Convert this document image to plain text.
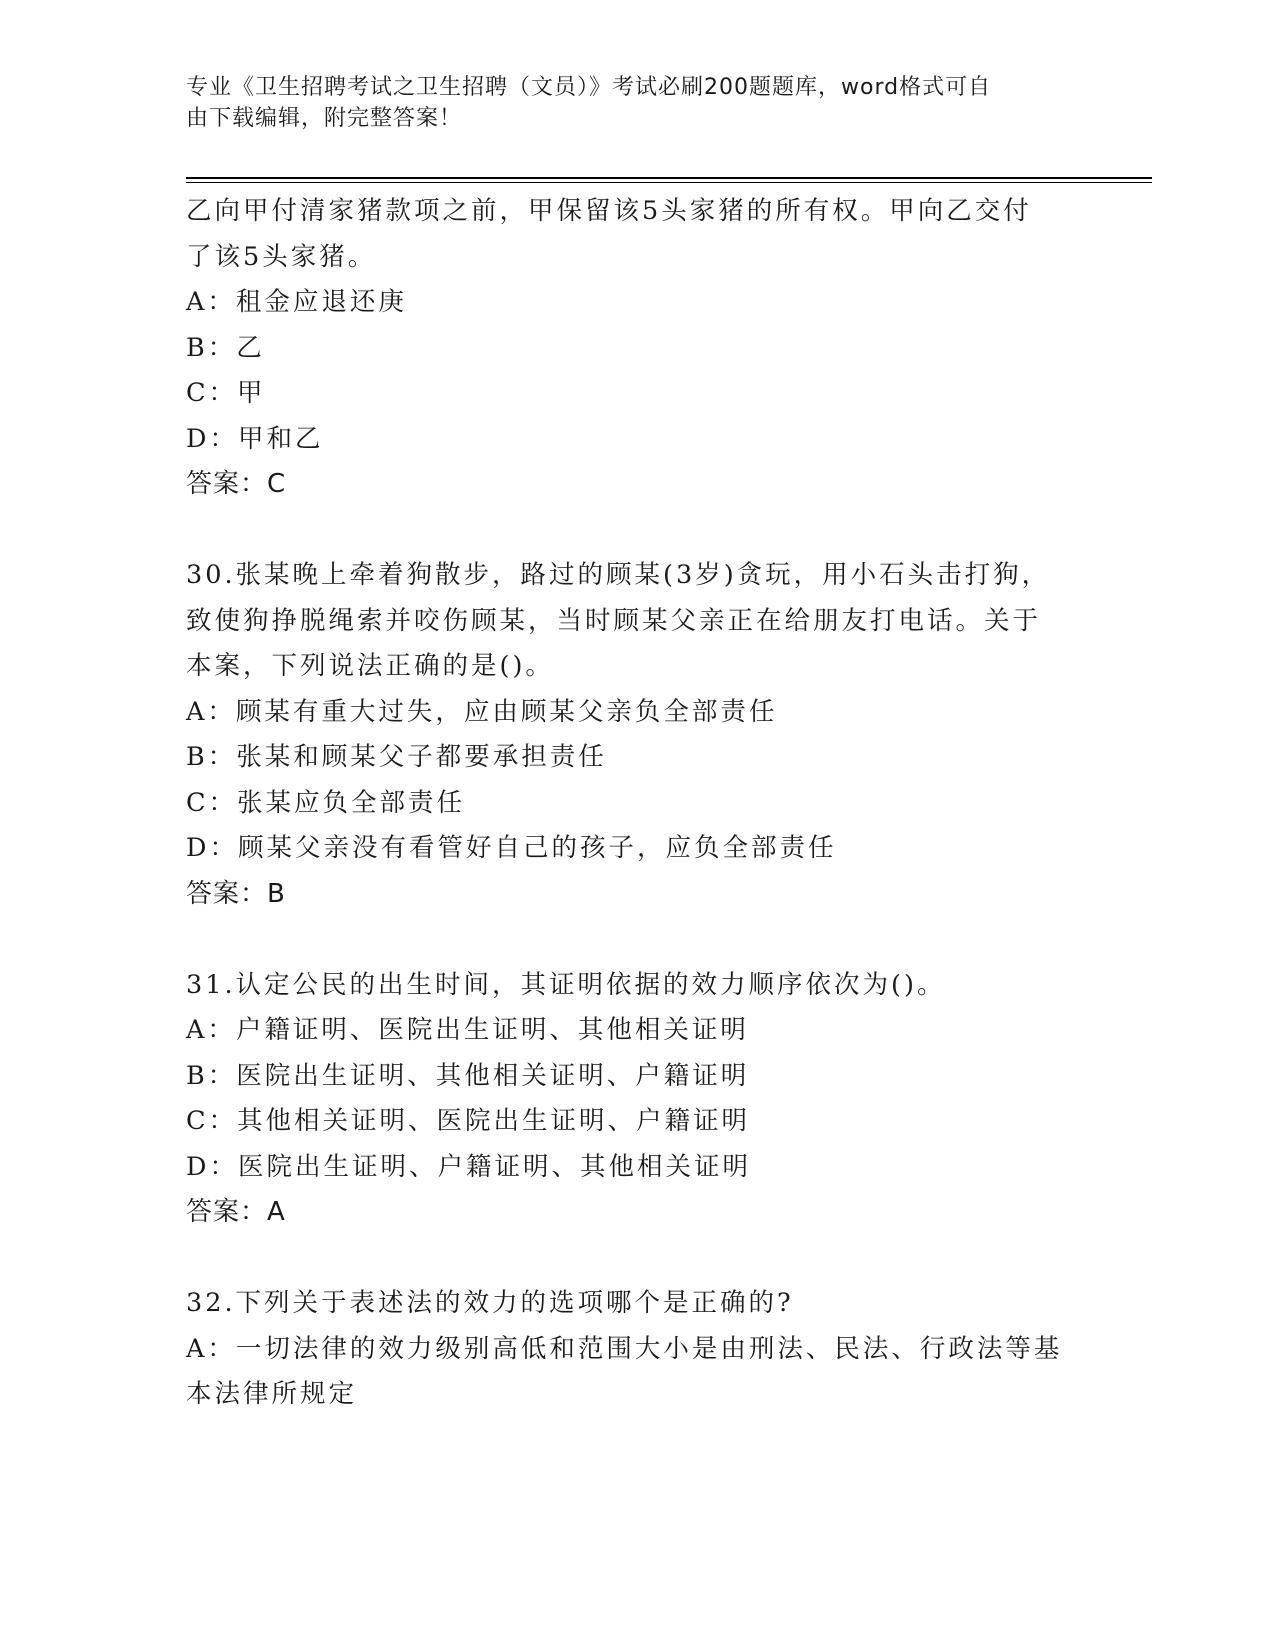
专业《卫生招聘考试之卫生招聘（文员）》考试必刷200题题库，word格式可自
由下载编辑，附完整答案！
乙向甲付清家猪款项之前，甲保留该5头家猪的所有权。甲向乙交付
了该5头家猪。
A：租金应退还庚
B：乙
C：甲
D：甲和乙
答案：C
30.张某晚上牵着狗散步，路过的顾某(3岁)贪玩，用小石头击打狗，
致使狗挣脱绳索并咬伤顾某，当时顾某父亲正在给朋友打电话。关于
本案，下列说法正确的是()。
A：顾某有重大过失，应由顾某父亲负全部责任
B：张某和顾某父子都要承担责任
C：张某应负全部责任
D：顾某父亲没有看管好自己的孩子，应负全部责任
答案：B
31.认定公民的出生时间，其证明依据的效力顺序依次为()。
A：户籍证明、医院出生证明、其他相关证明
B：医院出生证明、其他相关证明、户籍证明
C：其他相关证明、医院出生证明、户籍证明
D：医院出生证明、户籍证明、其他相关证明
答案：A
32.下列关于表述法的效力的选项哪个是正确的?
A：一切法律的效力级别高低和范围大小是由刑法、民法、行政法等基
本法律所规定
